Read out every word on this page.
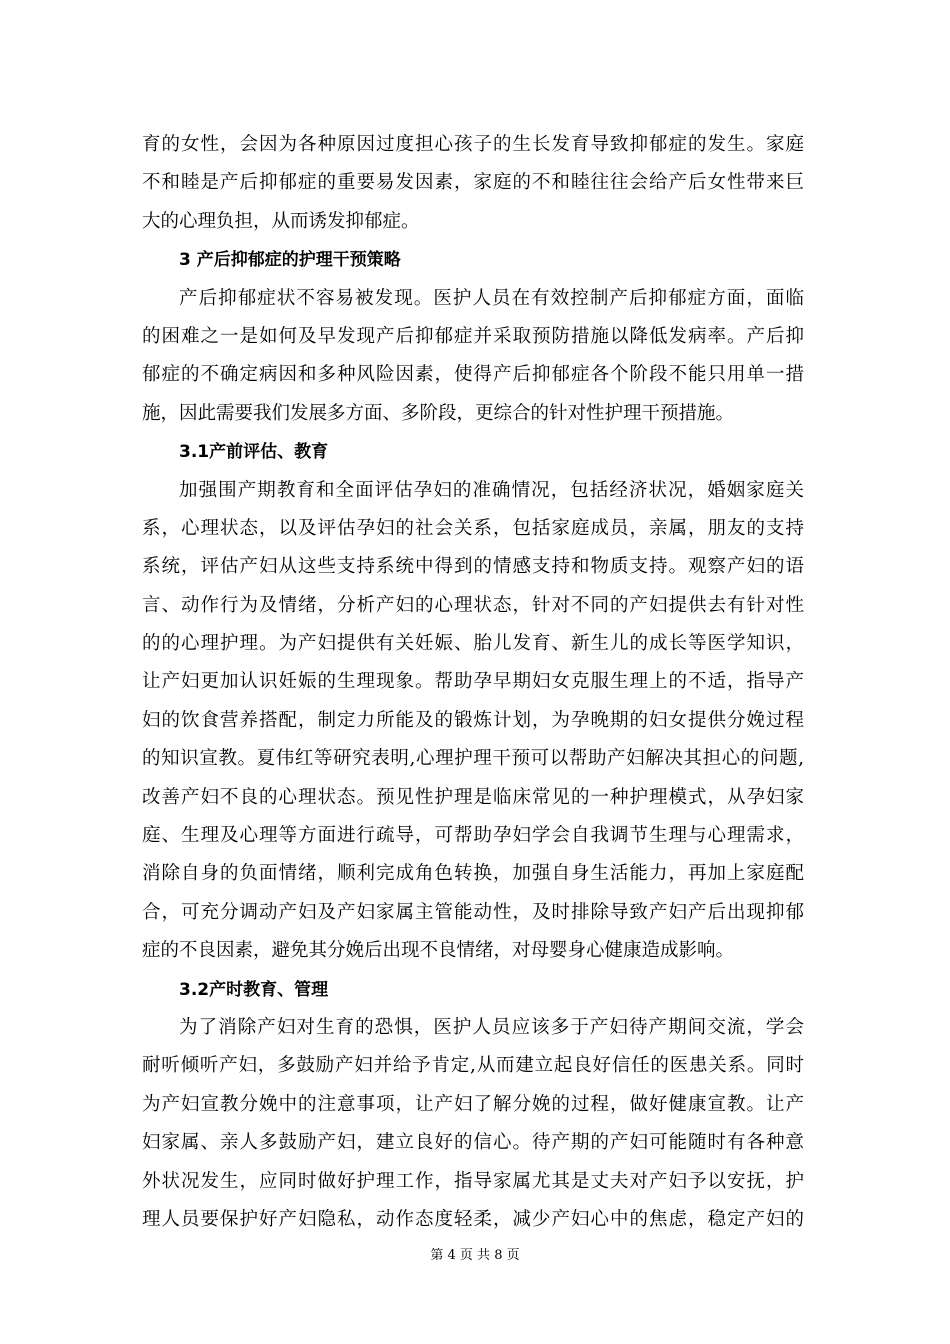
育的女性，会因为各种原因过度担心孩子的生长发育导致抑郁症的发生。家庭
不和睦是产后抑郁症的重要易发因素，家庭的不和睦往往会给产后女性带来巨
大的心理负担，从而诱发抑郁症。
3 产后抑郁症的护理干预策略
产后抑郁症状不容易被发现。医护人员在有效控制产后抑郁症方面，面临
的困难之一是如何及早发现产后抑郁症并采取预防措施以降低发病率。产后抑
郁症的不确定病因和多种风险因素，使得产后抑郁症各个阶段不能只用单一措
施，因此需要我们发展多方面、多阶段，更综合的针对性护理干预措施。
3.1产前评估、教育
加强围产期教育和全面评估孕妇的准确情况，包括经济状况，婚姻家庭关
系，心理状态，以及评估孕妇的社会关系，包括家庭成员，亲属，朋友的支持
系统，评估产妇从这些支持系统中得到的情感支持和物质支持。观察产妇的语
言、动作行为及情绪，分析产妇的心理状态，针对不同的产妇提供去有针对性
的的心理护理。为产妇提供有关妊娠、胎儿发育、新生儿的成长等医学知识，
让产妇更加认识妊娠的生理现象。帮助孕早期妇女克服生理上的不适，指导产
妇的饮食营养搭配，制定力所能及的锻炼计划，为孕晚期的妇女提供分娩过程
的知识宣教。夏伟红等研究表明,心理护理干预可以帮助产妇解决其担心的问题,
改善产妇不良的心理状态。预见性护理是临床常见的一种护理模式，从孕妇家
庭、生理及心理等方面进行疏导，可帮助孕妇学会自我调节生理与心理需求，
消除自身的负面情绪，顺利完成角色转换，加强自身生活能力，再加上家庭配
合，可充分调动产妇及产妇家属主管能动性，及时排除导致产妇产后出现抑郁
症的不良因素，避免其分娩后出现不良情绪，对母婴身心健康造成影响。
3.2产时教育、管理
为了消除产妇对生育的恐惧，医护人员应该多于产妇待产期间交流，学会
耐听倾听产妇，多鼓励产妇并给予肯定,从而建立起良好信任的医患关系。同时
为产妇宣教分娩中的注意事项，让产妇了解分娩的过程，做好健康宣教。让产
妇家属、亲人多鼓励产妇，建立良好的信心。待产期的产妇可能随时有各种意
外状况发生，应同时做好护理工作，指导家属尤其是丈夫对产妇予以安抚，护
理人员要保护好产妇隐私，动作态度轻柔，减少产妇心中的焦虑，稳定产妇的
第 4 页 共 8 页
